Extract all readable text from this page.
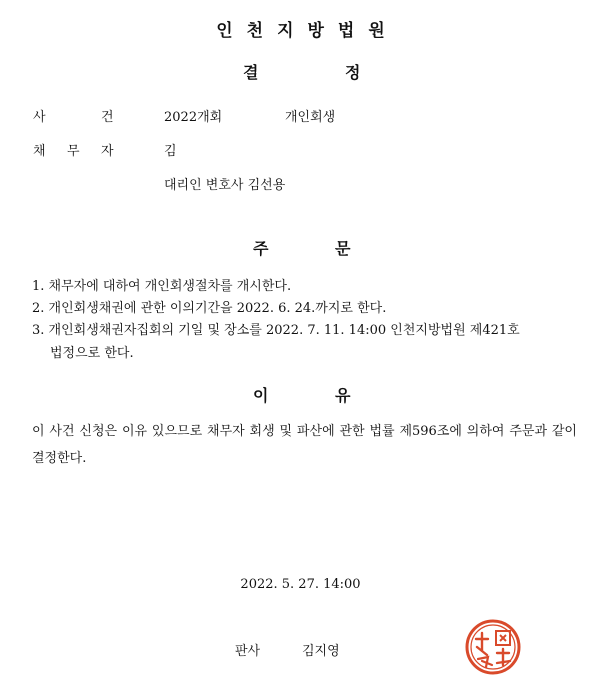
인천지방법원
결	정
사	건	2022개회	개인회생
채 무 자	김
대리인 변호사 김선용
주	문
1. 채무자에 대하여 개인회생절차를 개시한다.
2. 개인회생채권에 관한 이의기간을 2022. 6. 24.까지로 한다.
3. 개인회생채권자집회의 기일 및 장소를 2022. 7. 11. 14:00 인천지방법원 제421호
법정으로 한다.
이	유
이 사건 신청은 이유 있으므로 채무자 회생 및 파산에 관한 법률 제596조에 의하여 주문과 같이 결정한다.
2022. 5. 27. 14:00
판사	김지영
